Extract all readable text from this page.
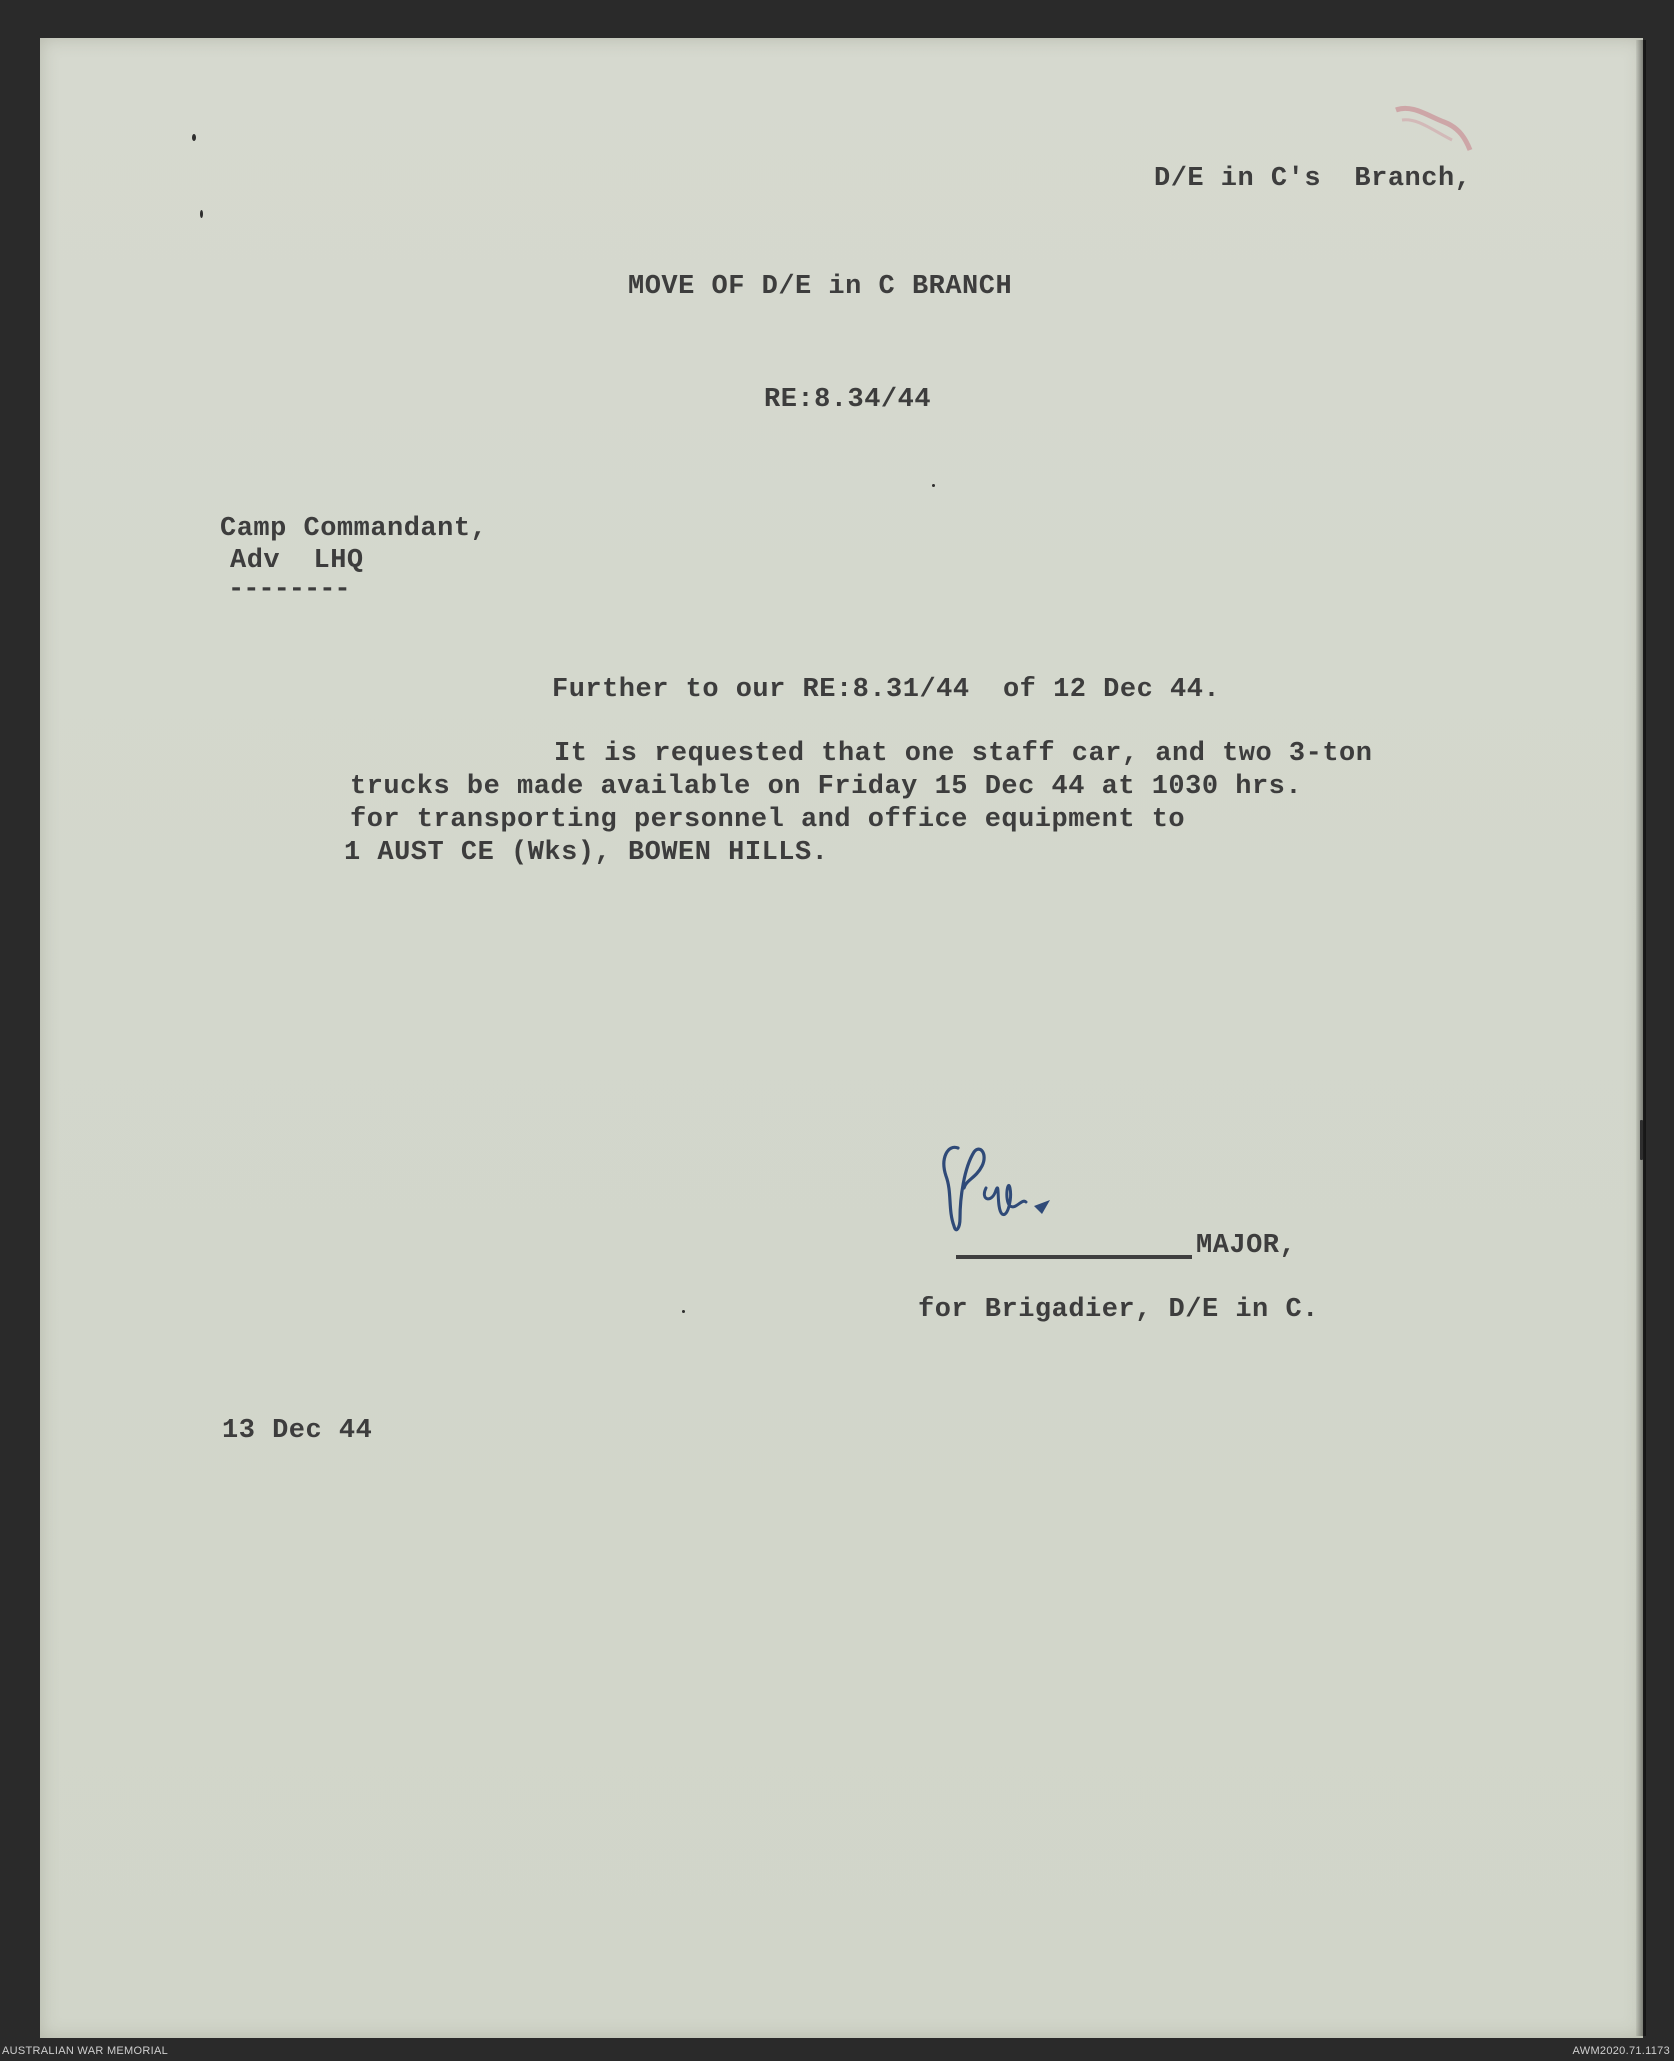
D/E in C's  Branch,
MOVE OF D/E in C BRANCH
RE:8.34/44
Camp Commandant,
Adv  LHQ
--------
Further to our RE:8.31/44  of 12 Dec 44.
It is requested that one staff car, and two 3-ton
trucks be made available on Friday 15 Dec 44 at 1030 hrs.
for transporting personnel and office equipment to
1 AUST CE (Wks), BOWEN HILLS.
MAJOR,
for Brigadier, D/E in C.
13 Dec 44
AUSTRALIAN WAR MEMORIAL	AWM2020.71.1173
